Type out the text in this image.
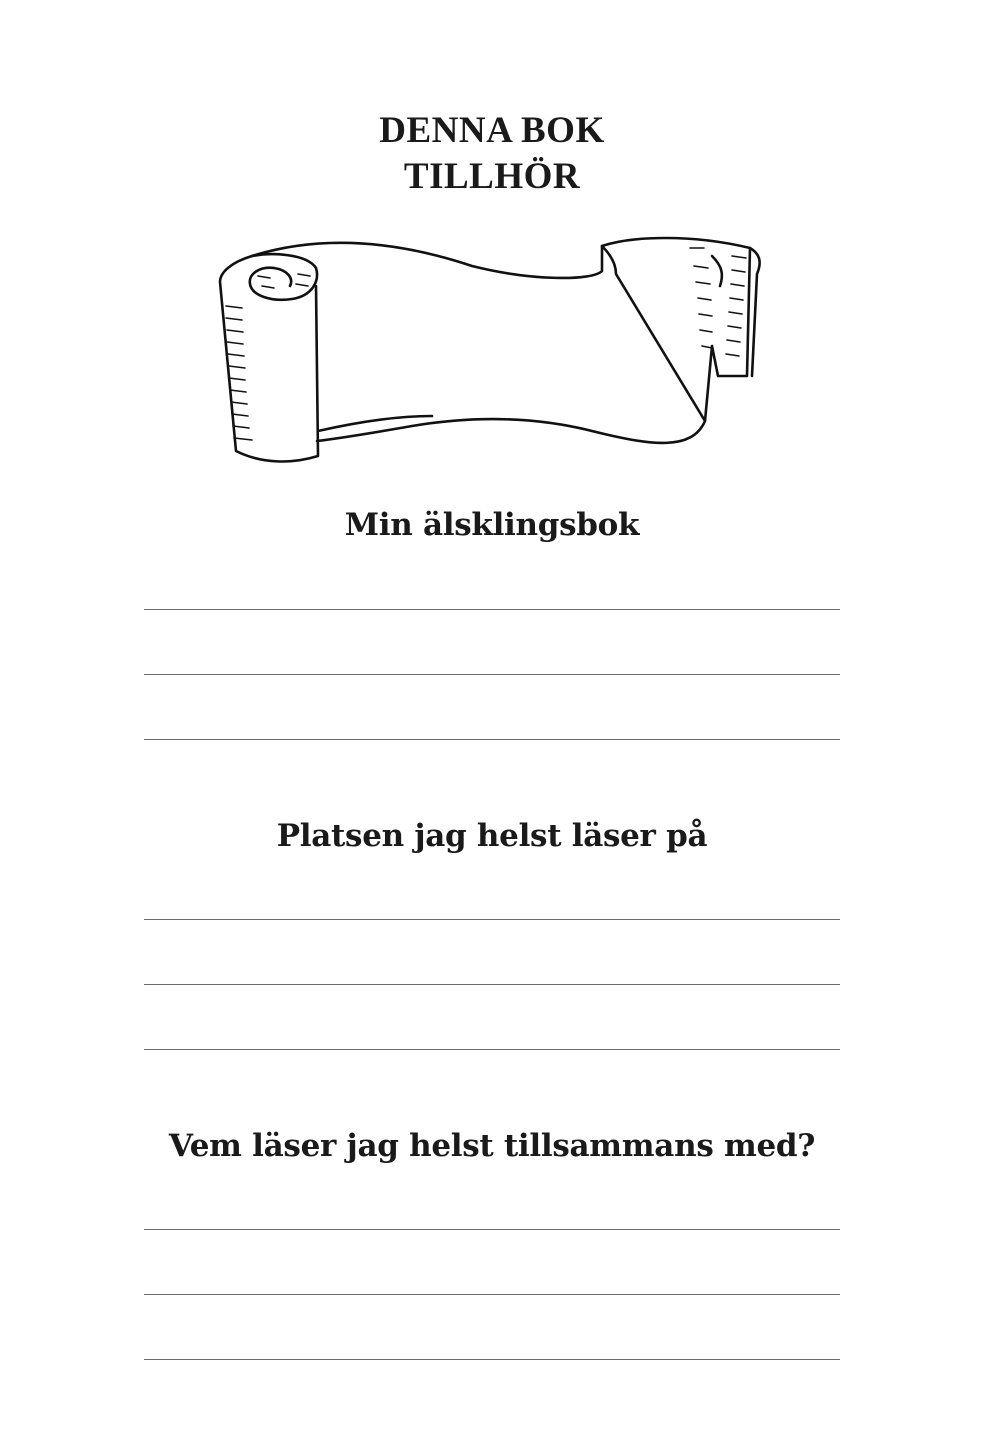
DENNA BOK
TILLHÖR
Min älsklingsbok
Platsen jag helst läser på
Vem läser jag helst tillsammans med?
